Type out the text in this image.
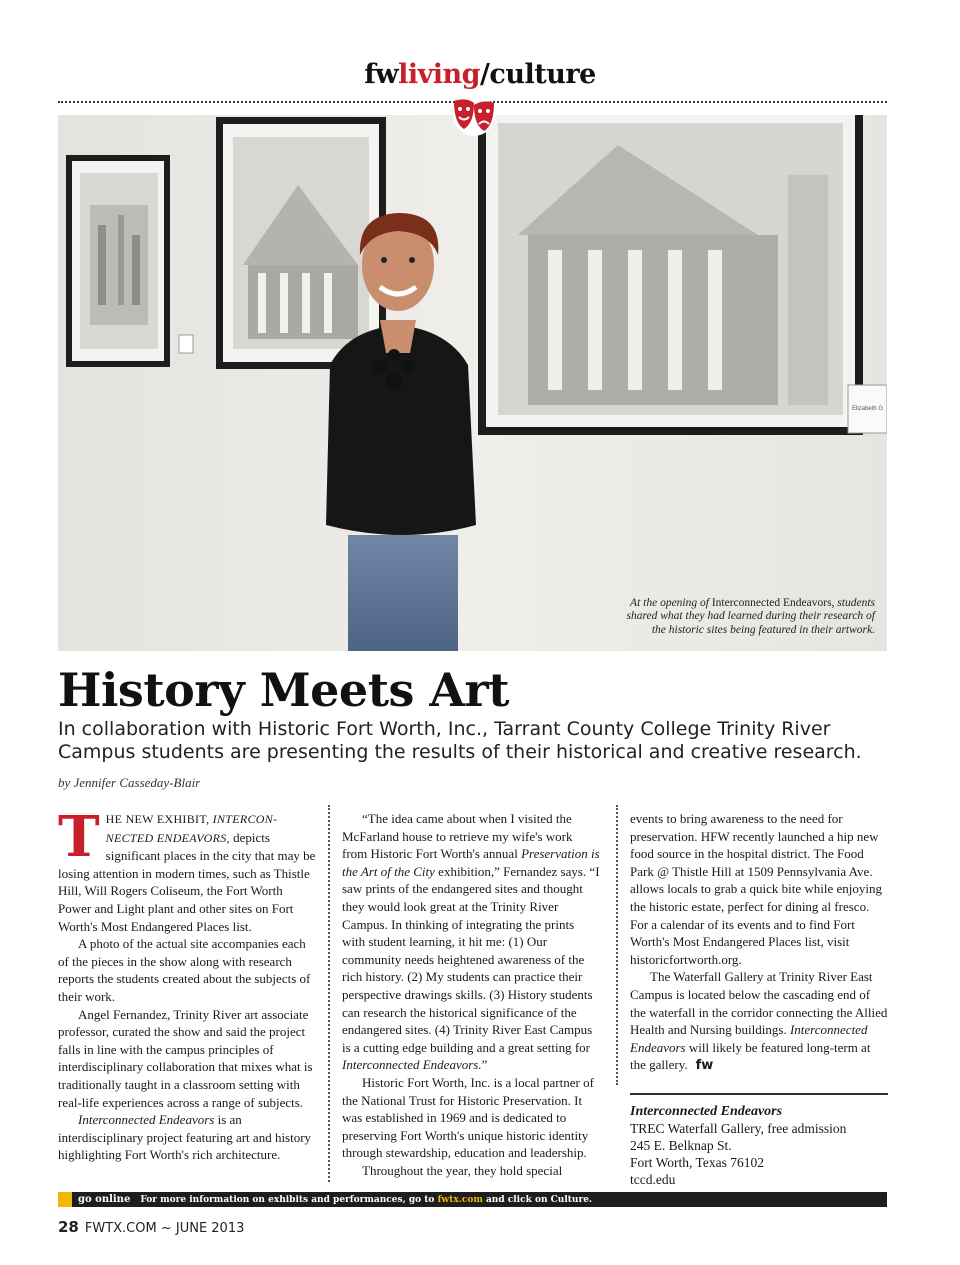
fwliving/culture
Elizabeth G
At the opening of Interconnected Endeavors, students shared what they had learned during their research of the historic sites being featured in their artwork.
History Meets Art
In collaboration with Historic Fort Worth, Inc., Tarrant County College Trinity River Campus students are presenting the results of their historical and creative research.
by Jennifer Casseday-Blair

THE NEW EXHIBIT, INTERCON-NECTED ENDEAVORS, depicts significant places in the city that may be losing attention in modern times, such as Thistle Hill, Will Rogers Coliseum, the Fort Worth Power and Light plant and other sites on Fort Worth's Most Endangered Places list.

A photo of the actual site accompanies each of the pieces in the show along with research reports the students created about the subjects of their work.

Angel Fernandez, Trinity River art associate professor, curated the show and said the project falls in line with the campus principles of interdisciplinary collaboration that mixes what is traditionally taught in a classroom setting with real-life experiences across a range of subjects.

Interconnected Endeavors is an interdisciplinary project featuring art and history highlighting Fort Worth's rich architecture.

“The idea came about when I visited the McFarland house to retrieve my wife's work from Historic Fort Worth's annual Preservation is the Art of the City exhibition,” Fernandez says. “I saw prints of the endangered sites and thought they would look great at the Trinity River Campus. In thinking of integrating the prints with student learning, it hit me: (1) Our community needs heightened awareness of the rich history. (2) My students can practice their perspective drawings skills. (3) History students can research the historical significance of the endangered sites. (4) Trinity River East Campus is a cutting edge building and a great setting for Interconnected Endeavors.”

Historic Fort Worth, Inc. is a local partner of the National Trust for Historic Preservation. It was established in 1969 and is dedicated to preserving Fort Worth's unique historic identity through stewardship, education and leadership.

Throughout the year, they hold special

events to bring awareness to the need for preservation. HFW recently launched a hip new food source in the hospital district. The Food Park @ Thistle Hill at 1509 Pennsylvania Ave. allows locals to grab a quick bite while enjoying the historic estate, perfect for dining al fresco. For a calendar of its events and to find Fort Worth's Most Endangered Places list, visit historicfortworth.org.

The Waterfall Gallery at Trinity River East Campus is located below the cascading end of the waterfall in the corridor connecting the Allied Health and Nursing buildings. Interconnected Endeavors will likely be featured long-term at the gallery. fw

Interconnected Endeavors
TREC Waterfall Gallery, free admission
245 E. Belknap St.
Fort Worth, Texas 76102
tccd.edu
go online For more information on exhibits and performances, go to fwtx.com and click on Culture.
28 FWTX.COM ~ JUNE 2013
